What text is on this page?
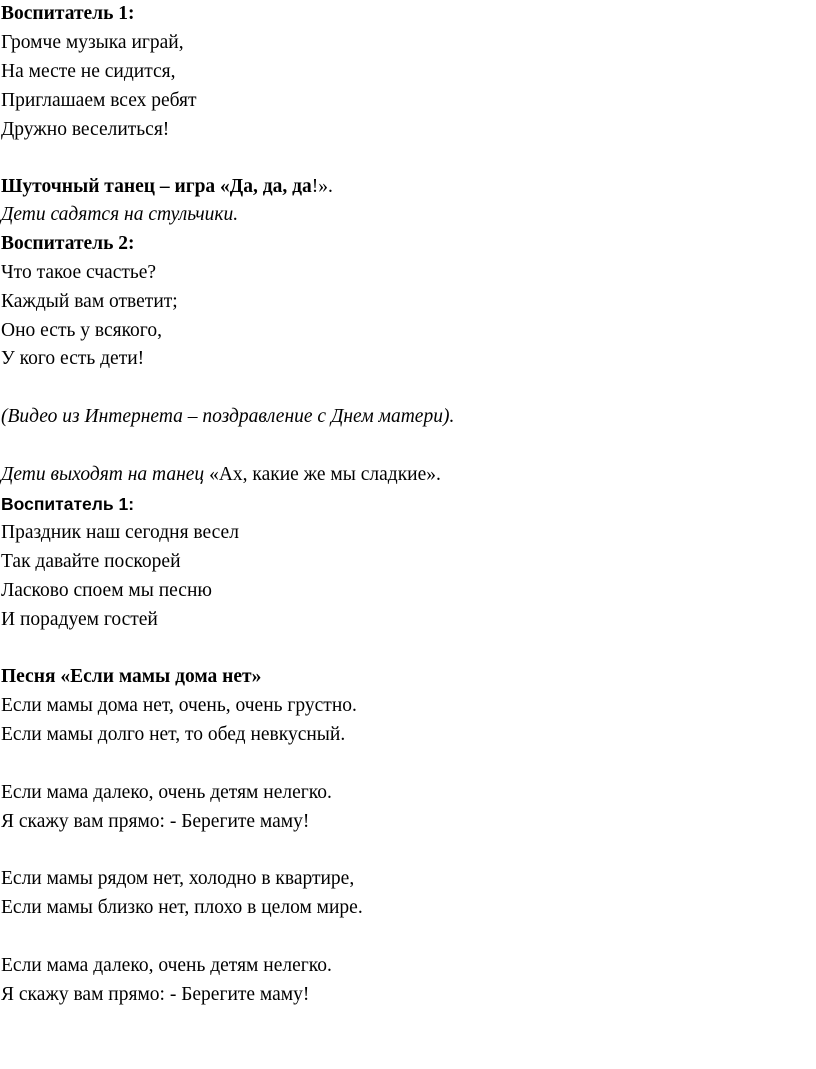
Воспитатель 1:
Громче музыка играй,
На месте не сидится,
Приглашаем всех ребят
Дружно веселиться!
Шуточный танец – игра «Да, да, да!».
Дети садятся на стульчики.
Воспитатель 2:
Что такое счастье?
Каждый вам ответит;
Оно есть у всякого,
У кого есть дети!
(Видео из Интернета – поздравление с Днем матери).
Дети выходят на танец «Ах, какие же мы сладкие».
Воспитатель 1:
Праздник наш сегодня весел
Так давайте поскорей
Ласково споем мы песню
И порадуем гостей
Песня «Если мамы дома нет»
Если мамы дома нет, очень, очень грустно.
Если мамы долго нет, то обед невкусный.
Если мама далеко, очень детям нелегко.
Я скажу вам прямо: - Берегите маму!
Если мамы рядом нет, холодно в квартире,
Если мамы близко нет, плохо в целом мире.
Если мама далеко, очень детям нелегко.
Я скажу вам прямо: - Берегите маму!
